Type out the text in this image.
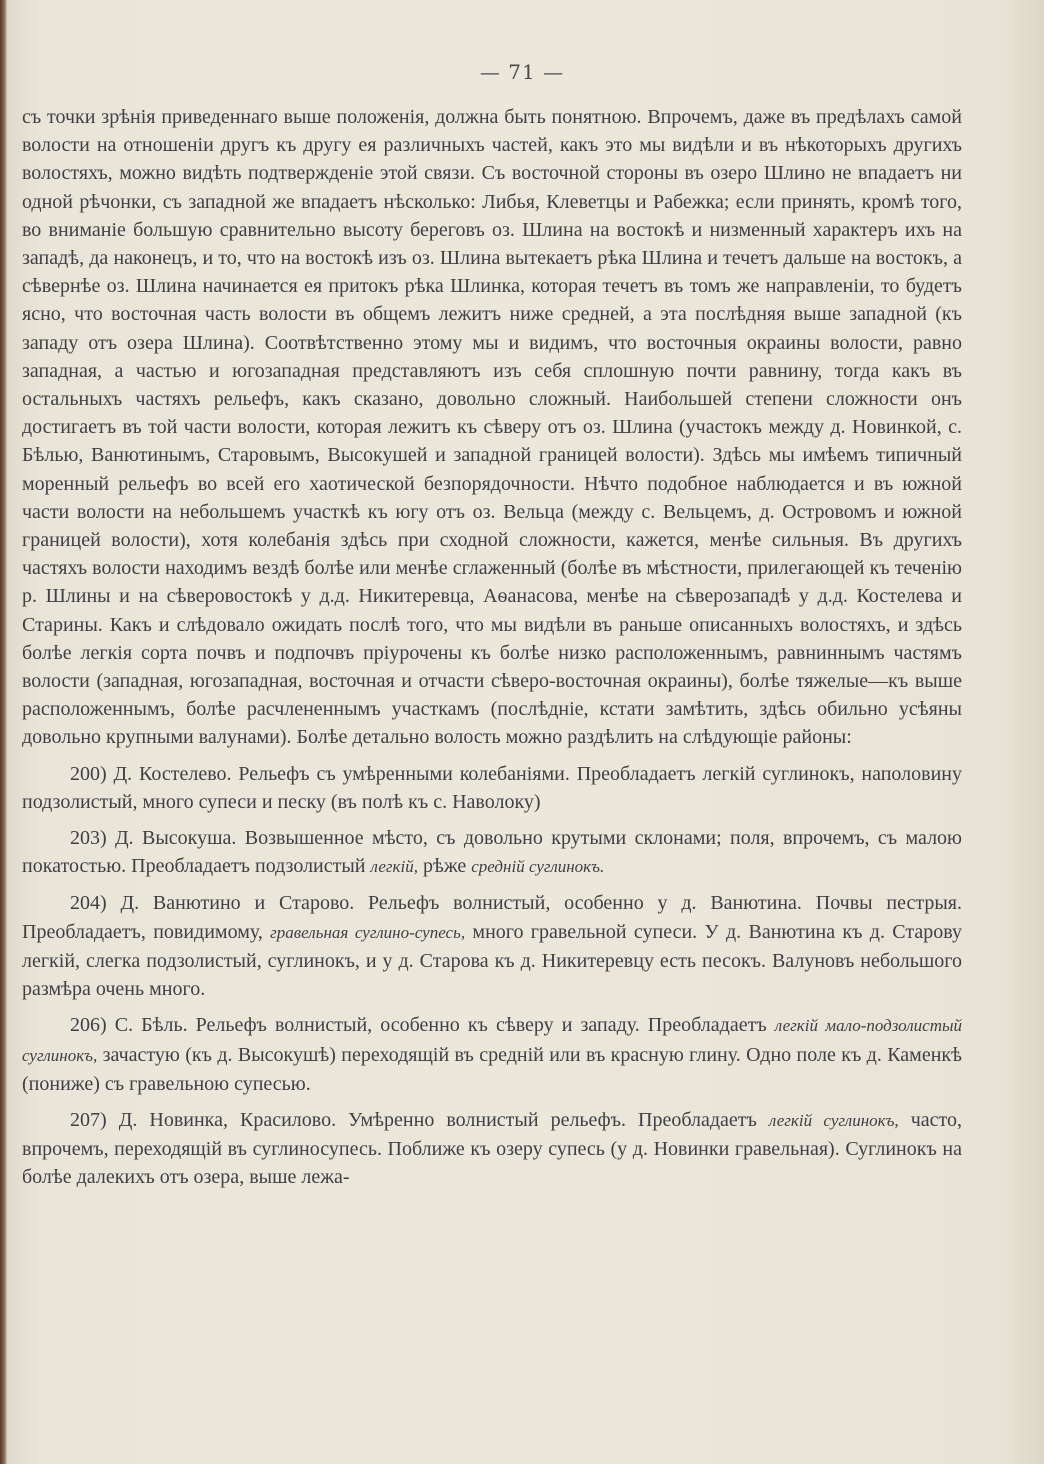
— 71 —

съ точки зрѣнія приведеннаго выше положенія, должна быть понятною. Впрочемъ, даже въ предѣлахъ самой волости на отношеніи другъ къ другу ея различныхъ частей, какъ это мы видѣли и въ нѣкоторыхъ другихъ волостяхъ, можно видѣть подтвержденіе этой связи. Съ восточной стороны въ озеро Шлино не впадаетъ ни одной рѣчонки, съ западной же впадаетъ нѣсколько: Либья, Клеветцы и Рабежка; если принять, кромѣ того, во вниманіе большую сравнительно высоту береговъ оз. Шлина на востокѣ и низменный характеръ ихъ на западѣ, да наконецъ, и то, что на востокѣ изъ оз. Шлина вытекаетъ рѣка Шлина и течетъ дальше на востокъ, а сѣвернѣе оз. Шлина начинается ея притокъ рѣка Шлинка, которая течетъ въ томъ же направленіи, то будетъ ясно, что восточная часть волости въ общемъ лежитъ ниже средней, а эта послѣдняя выше западной (къ западу отъ озера Шлина). Соотвѣтственно этому мы и видимъ, что восточныя окраины волости, равно западная, а частью и югозападная представляютъ изъ себя сплошную почти равнину, тогда какъ въ остальныхъ частяхъ рельефъ, какъ сказано, довольно сложный. Наибольшей степени сложности онъ достигаетъ въ той части волости, которая лежитъ къ сѣверу отъ оз. Шлина (участокъ между д. Новинкой, с. Бѣлью, Ванютинымъ, Старовымъ, Высокушей и западной границей волости). Здѣсь мы имѣемъ типичный моренный рельефъ во всей его хаотической безпорядочности. Нѣчто подобное наблюдается и въ южной части волости на небольшемъ участкѣ къ югу отъ оз. Вельца (между с. Вельцемъ, д. Островомъ и южной границей волости), хотя колебанія здѣсь при сходной сложности, кажется, менѣе сильныя. Въ другихъ частяхъ волости находимъ вездѣ болѣе или менѣе сглаженный (болѣе въ мѣстности, прилегающей къ теченію р. Шлины и на сѣверовостокѣ у д.д. Никитеревца, Аѳанасова, менѣе на сѣверозападѣ у д.д. Костелева и Старины. Какъ и слѣдовало ожидать послѣ того, что мы видѣли въ раньше описанныхъ волостяхъ, и здѣсь болѣе легкія сорта почвъ и подпочвъ пріурочены къ болѣе низко расположеннымъ, равниннымъ частямъ волости (западная, югозападная, восточная и отчасти сѣверо-восточная окраины), болѣе тяжелые—къ выше расположеннымъ, болѣе расчлененнымъ участкамъ (послѣдніе, кстати замѣтить, здѣсь обильно усѣяны довольно крупными валунами). Болѣе детально волость можно раздѣлить на слѣдующіе районы:

200) Д. Костелево. Рельефъ съ умѣренными колебаніями. Преобладаетъ легкій суглинокъ, наполовину подзолистый, много супеси и песку (въ полѣ къ с. Наволоку)

203) Д. Высокуша. Возвышенное мѣсто, съ довольно крутыми склонами; поля, впрочемъ, съ малою покатостью. Преобладаетъ подзолистый легкій, рѣже средній суглинокъ.

204) Д. Ванютино и Старово. Рельефъ волнистый, особенно у д. Ванютина. Почвы пестрыя. Преобладаетъ, повидимому, гравельная суглино-супесь, много гравельной супеси. У д. Ванютина къ д. Старову легкій, слегка подзолистый, суглинокъ, и у д. Старова къ д. Никитеревцу есть песокъ. Валуновъ небольшого размѣра очень много.

206) С. Бѣль. Рельефъ волнистый, особенно къ сѣверу и западу. Преобладаетъ легкій мало-подзолистый суглинокъ, зачастую (къ д. Высокушѣ) переходящій въ средній или въ красную глину. Одно поле къ д. Каменкѣ (пониже) съ гравельною супесью.

207) Д. Новинка, Красилово. Умѣренно волнистый рельефъ. Преобладаетъ легкій суглинокъ, часто, впрочемъ, переходящій въ суглиносупесь. Поближе къ озеру супесь (у д. Новинки гравельная). Суглинокъ на болѣе далекихъ отъ озера, выше лежа-
